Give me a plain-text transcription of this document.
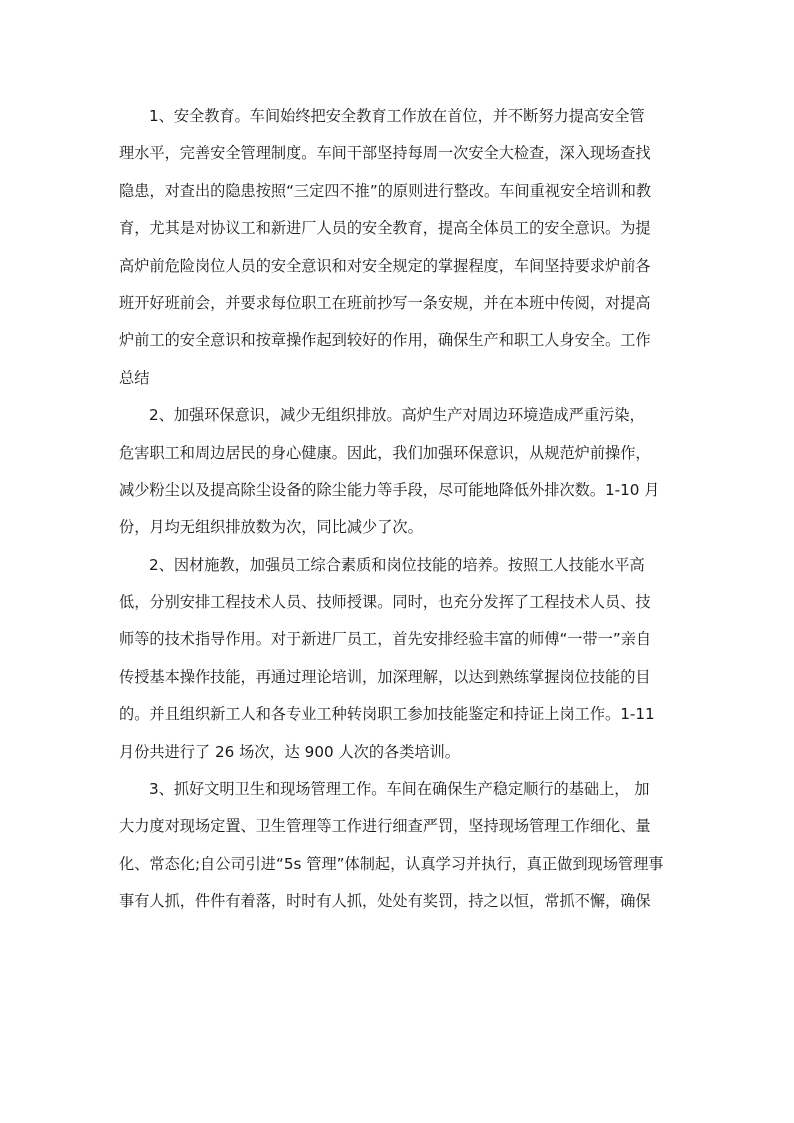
1、安全教育。车间始终把安全教育工作放在首位，并不断努力提高安全管
理水平，完善安全管理制度。车间干部坚持每周一次安全大检查，深入现场查找
隐患，对查出的隐患按照“三定四不推”的原则进行整改。车间重视安全培训和教
育，尤其是对协议工和新进厂人员的安全教育，提高全体员工的安全意识。为提
高炉前危险岗位人员的安全意识和对安全规定的掌握程度，车间坚持要求炉前各
班开好班前会，并要求每位职工在班前抄写一条安规，并在本班中传阅，对提高
炉前工的安全意识和按章操作起到较好的作用，确保生产和职工人身安全。工作
总结
2、加强环保意识，减少无组织排放。高炉生产对周边环境造成严重污染，
危害职工和周边居民的身心健康。因此，我们加强环保意识，从规范炉前操作，
减少粉尘以及提高除尘设备的除尘能力等手段，尽可能地降低外排次数。1-10 月
份，月均无组织排放数为次，同比减少了次。
2、因材施教，加强员工综合素质和岗位技能的培养。按照工人技能水平高
低，分别安排工程技术人员、技师授课。同时，也充分发挥了工程技术人员、技
师等的技术指导作用。对于新进厂员工，首先安排经验丰富的师傅“一带一”亲自
传授基本操作技能，再通过理论培训，加深理解，以达到熟练掌握岗位技能的目
的。并且组织新工人和各专业工种转岗职工参加技能鉴定和持证上岗工作。1-11
月份共进行了 26 场次，达 900 人次的各类培训。
3、抓好文明卫生和现场管理工作。车间在确保生产稳定顺行的基础上， 加
大力度对现场定置、卫生管理等工作进行细查严罚，坚持现场管理工作细化、量
化、常态化;自公司引进“5s 管理”体制起，认真学习并执行，真正做到现场管理事
事有人抓，件件有着落，时时有人抓，处处有奖罚，持之以恒，常抓不懈，确保
